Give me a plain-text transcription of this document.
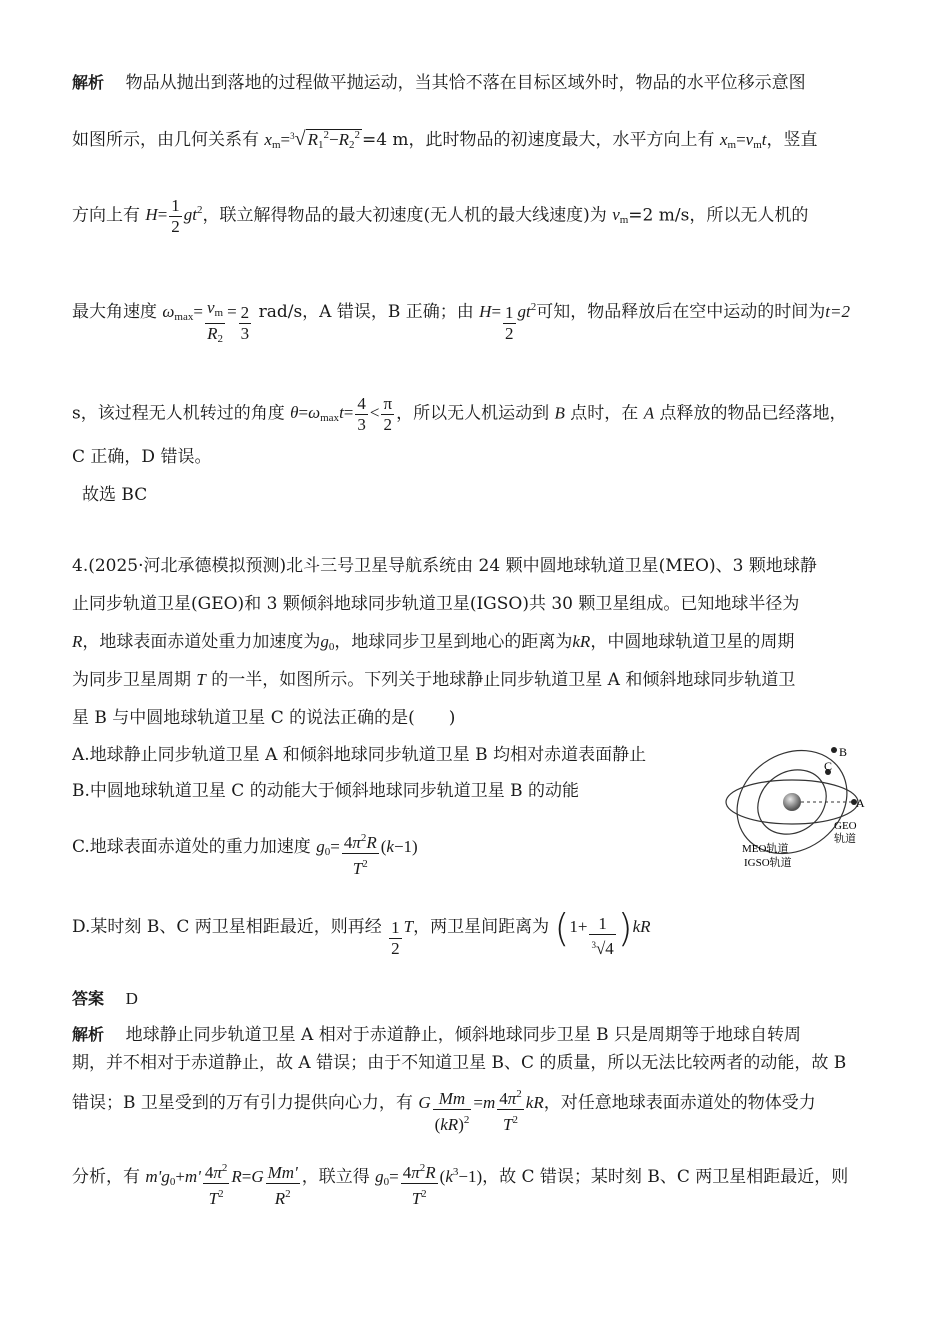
解析 物品从抛出到落地的过程做平抛运动，当其恰不落在目标区域外时，物品的水平位移示意图
如图所示，由几何关系有 $x_m=^3√$ $R_1^2-R_2^2 =4$ m，此时物品的初速度最大，水平方向上有 $x_m=v_mt$，竖直
方向上有 $H= \frac{1}{2} gt^2$，联立解得物品的最大初速度(无人机的最大线速度)为 $v_m=2$ m/s，所以无人机的
最大角速度 $\omega_{max}= \frac{v_m}{R_2} = \frac{2}{3} rad/s$，A 错误，B 正确；由 $H= \frac{1}{2} gt^2$可知，物品释放后在空中运动的时间为t=2
s，该过程无人机转过的角度 $\theta=\omega_{max}t= \frac{4}{3} < \frac{\pi}{2}$ ，所以无人机运动到 B 点时，在 A 点释放的物品已经落地，
C 正确，D 错误。
故选 BC
4.(2025·河北承德模拟预测)北斗三号卫星导航系统由 24 颗中圆地球轨道卫星(MEO)、3 颗地球静
止同步轨道卫星(GEO)和 3 颗倾斜地球同步轨道卫星(IGSO)共 30 颗卫星组成。已知地球半径为
R，地球表面赤道处重力加速度为$g_0$，地球同步卫星到地心的距离为kR，中圆地球轨道卫星的周期
为同步卫星周期 T 的一半，如图所示。下列关于地球静止同步轨道卫星 A 和倾斜地球同步轨道卫
星 B 与中圆地球轨道卫星 C 的说法正确的是(　　)
A.地球静止同步轨道卫星 A 和倾斜地球同步轨道卫星 B 均相对赤道表面静止
B.中圆地球轨道卫星 C 的动能大于倾斜地球同步轨道卫星 B 的动能
C.地球表面赤道处的重力加速度 $g_0= \frac{4\pi^2R}{T^2} (k-1)$
D.某时刻 B、C 两卫星相距最近，则再经 $\frac{1}{2}$ T，两卫星间距离为 $(1+ \frac{1}{^3√4} )kR$
B
C
A
GEO
轨道
MEO轨道
IGSO轨道
答案 D
解析 地球静止同步轨道卫星 A 相对于赤道静止，倾斜地球同步卫星 B 只是周期等于地球自转周
期，并不相对于赤道静止，故 A 错误；由于不知道卫星 B、C 的质量，所以无法比较两者的动能，故 B
错误；B 卫星受到的万有引力提供向心力，有 G $\frac{Mm}{(kR)^2} =m \frac{4\pi^2}{T^2}$ kR，对任意地球表面赤道处的物体受力
分析，有 $m'g_0+m' \frac{4\pi^2}{T^2} R=G \frac{Mm'}{R^2}$ ，联立得 $g_0= \frac{4\pi^2R}{T^2} (k^3-1)$，故 C 错误；某时刻 B、C 两卫星相距最近，则
